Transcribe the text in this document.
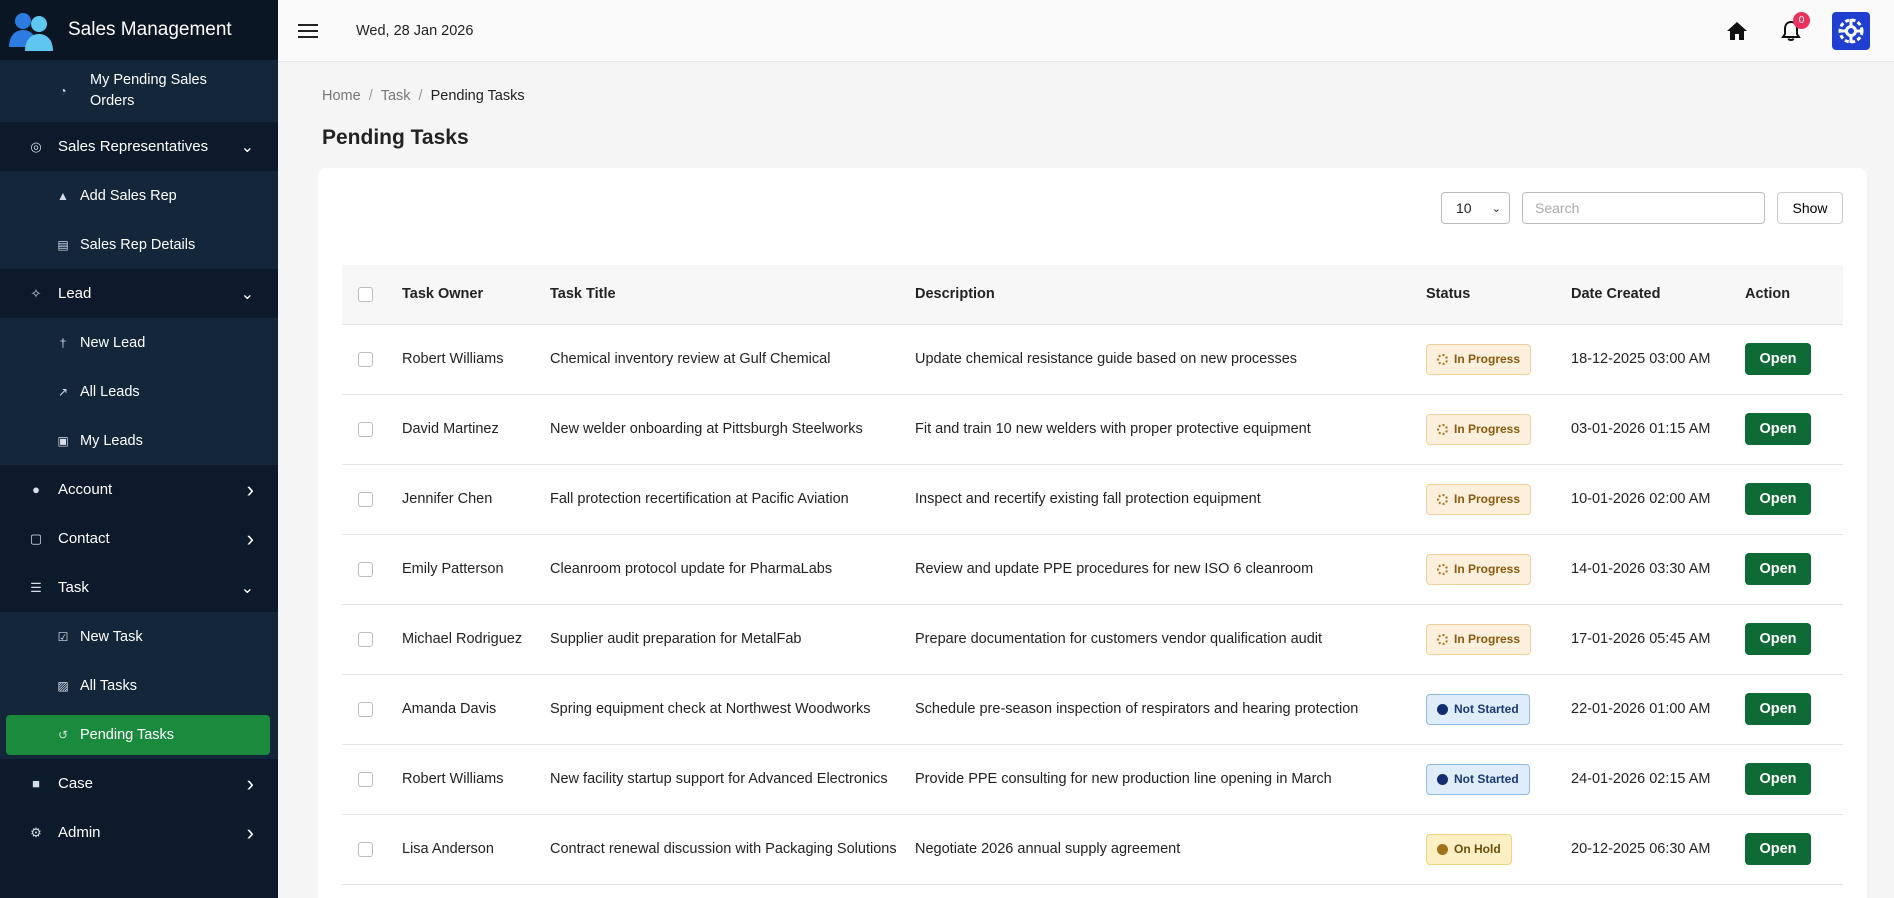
Sales Management
◔
My Pending Sales Orders
◎ Sales Representatives ⌄
▲ Add Sales Rep
▤ Sales Rep Details
✧ Lead	⌄
† New Lead
↗ All Leads
▣ My Leads
● Account	›
▢ Contact	›
☰ Task	⌄
☑ New Task
▨ All Tasks
↺ Pending Tasks
■ Case	›
⚙ Admin	›
Wed, 28 Jan 2026
0
Home / Task / Pending Tasks
Pending Tasks
10 ⌄
Search	Show
	Task Owner	Task Title	Description	Status	Date Created	Action

	Robert Williams	Chemical inventory review at Gulf Chemical	Update chemical resistance guide based on new processes	In Progress	18-12-2025 03:00 AM	Open

	David Martinez	New welder onboarding at Pittsburgh Steelworks	Fit and train 10 new welders with proper protective equipment	In Progress	03-01-2026 01:15 AM	Open

	Jennifer Chen	Fall protection recertification at Pacific Aviation	Inspect and recertify existing fall protection equipment	In Progress	10-01-2026 02:00 AM	Open

	Emily Patterson	Cleanroom protocol update for PharmaLabs	Review and update PPE procedures for new ISO 6 cleanroom	In Progress	14-01-2026 03:30 AM	Open

	Michael Rodriguez	Supplier audit preparation for MetalFab	Prepare documentation for customers vendor qualification audit	In Progress	17-01-2026 05:45 AM	Open

	Amanda Davis	Spring equipment check at Northwest Woodworks	Schedule pre-season inspection of respirators and hearing protection	Not Started	22-01-2026 01:00 AM	Open

	Robert Williams	New facility startup support for Advanced Electronics	Provide PPE consulting for new production line opening in March	Not Started	24-01-2026 02:15 AM	Open

	Lisa Anderson	Contract renewal discussion with Packaging Solutions	Negotiate 2026 annual supply agreement	On Hold	20-12-2025 06:30 AM	Open
